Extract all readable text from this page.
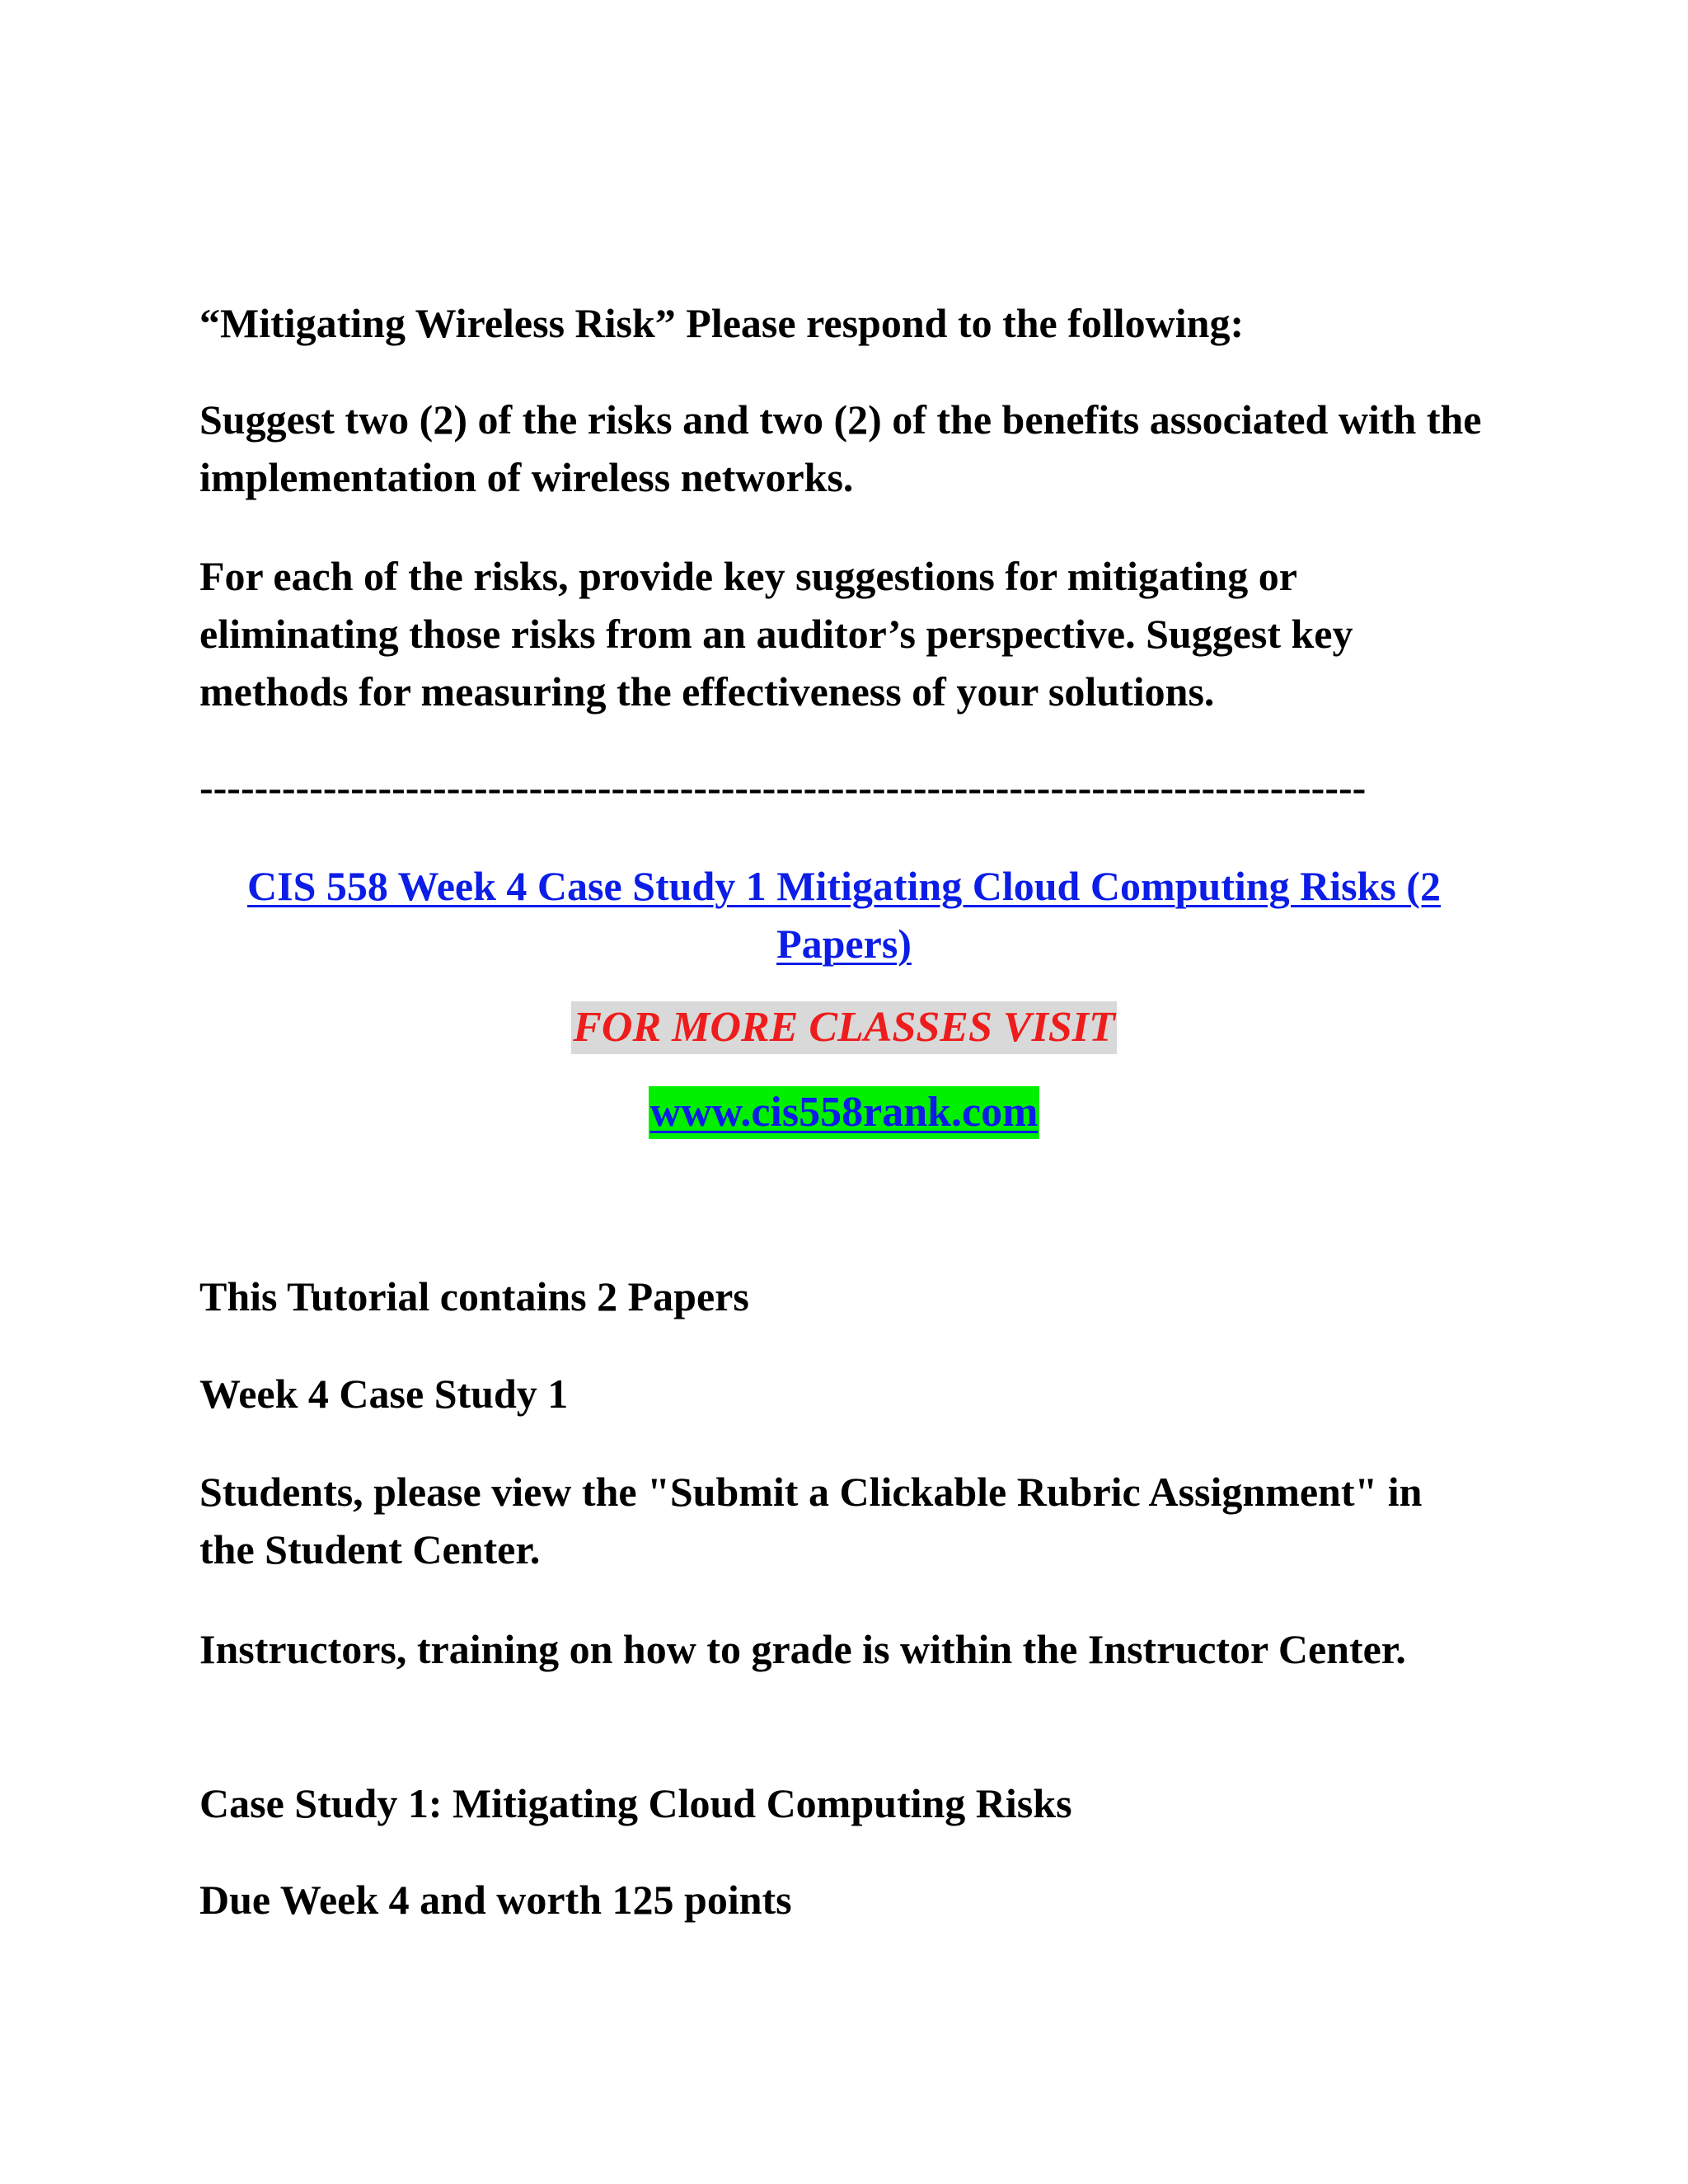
“Mitigating Wireless Risk” Please respond to the following:

Suggest two (2) of the risks and two (2) of the benefits associated with the implementation of wireless networks.

For each of the risks, provide key suggestions for mitigating or eliminating those risks from an auditor’s perspective. Suggest key methods for measuring the effectiveness of your solutions.

-------------------------------------------------------------------------------------
CIS 558 Week 4 Case Study 1 Mitigating Cloud Computing Risks (2 Papers)
FOR MORE CLASSES VISIT
www.cis558rank.com

This Tutorial contains 2 Papers

Week 4 Case Study 1

Students, please view the "Submit a Clickable Rubric Assignment" in the Student Center.

Instructors, training on how to grade is within the Instructor Center.

Case Study 1: Mitigating Cloud Computing Risks

Due Week 4 and worth 125 points
